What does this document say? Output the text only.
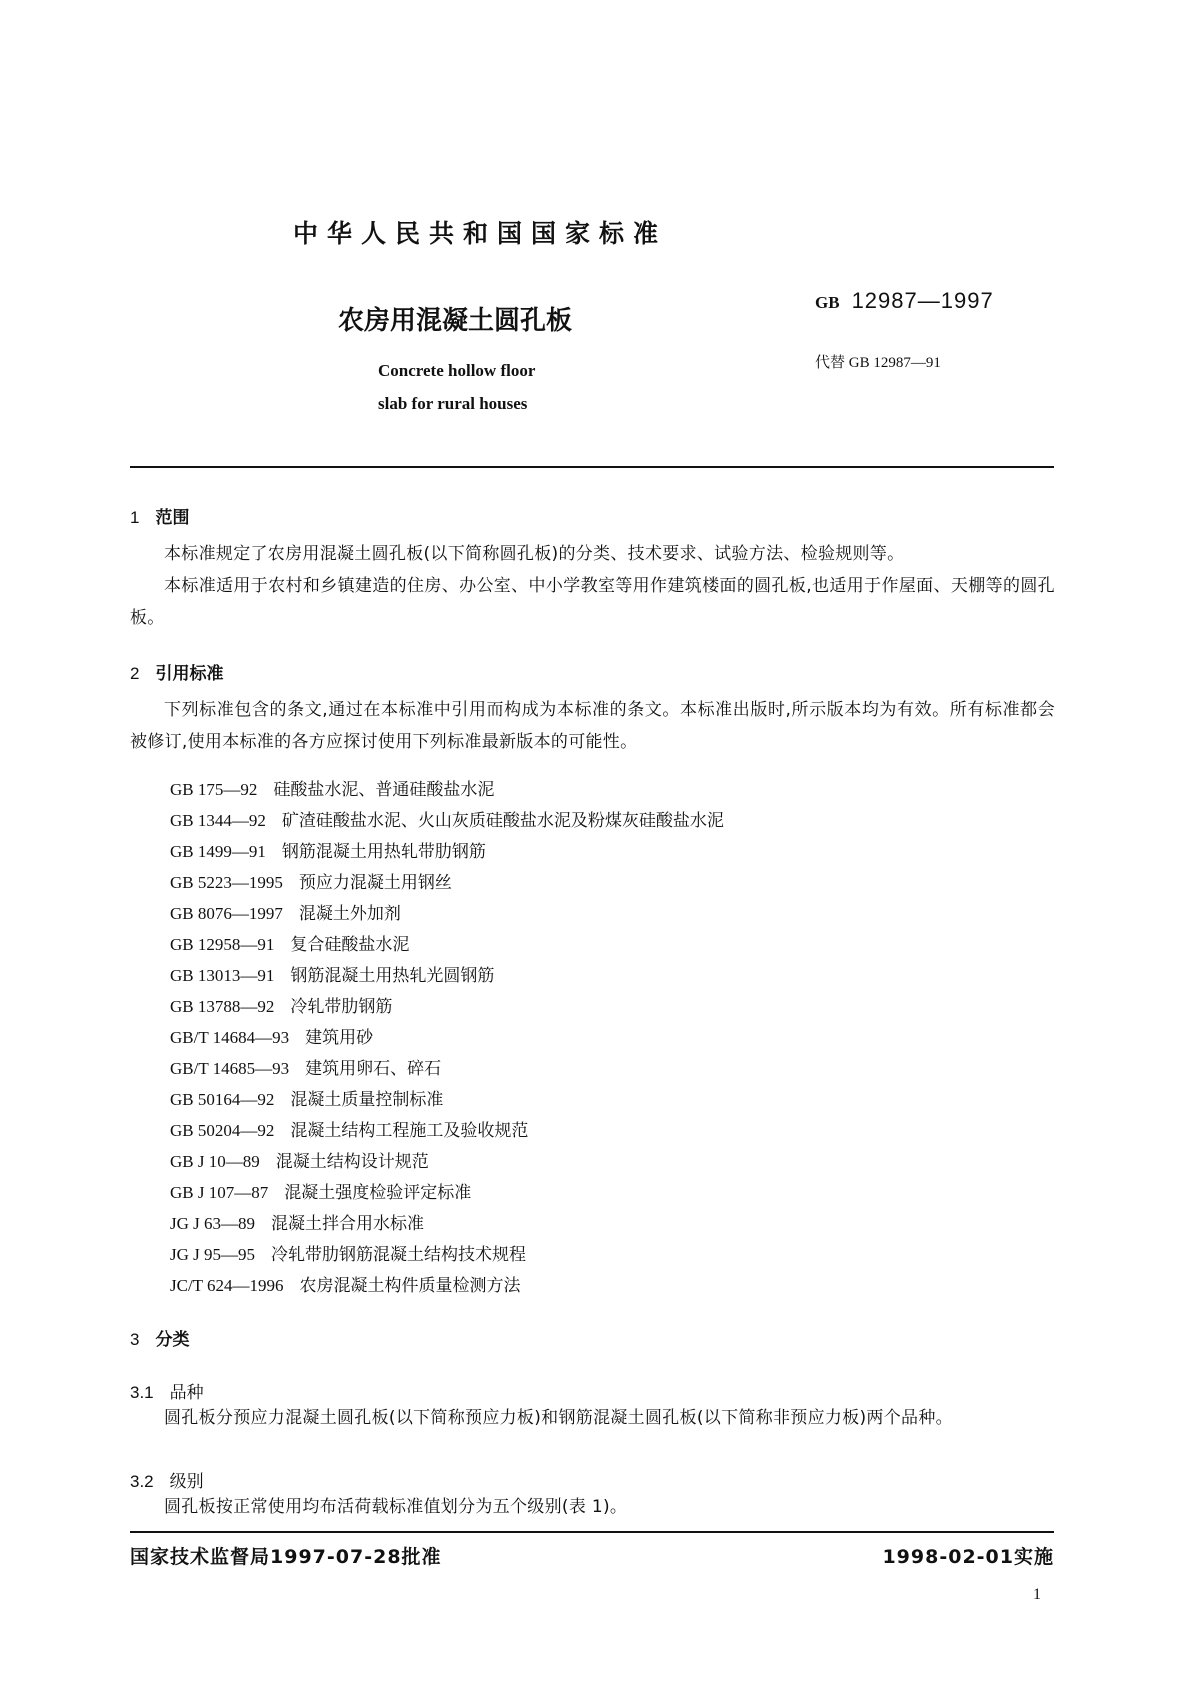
中华人民共和国国家标准
农房用混凝土圆孔板
Concrete hollow floor
slab for rural houses
GB 12987—1997
代替 GB 12987—91
1 范围
本标准规定了农房用混凝土圆孔板(以下简称圆孔板)的分类、技术要求、试验方法、检验规则等。
本标准适用于农村和乡镇建造的住房、办公室、中小学教室等用作建筑楼面的圆孔板,也适用于作屋面、天棚等的圆孔板。
2 引用标准
下列标准包含的条文,通过在本标准中引用而构成为本标准的条文。本标准出版时,所示版本均为有效。所有标准都会被修订,使用本标准的各方应探讨使用下列标准最新版本的可能性。
GB 175—92 硅酸盐水泥、普通硅酸盐水泥
GB 1344—92 矿渣硅酸盐水泥、火山灰质硅酸盐水泥及粉煤灰硅酸盐水泥
GB 1499—91 钢筋混凝土用热轧带肋钢筋
GB 5223—1995 预应力混凝土用钢丝
GB 8076—1997 混凝土外加剂
GB 12958—91 复合硅酸盐水泥
GB 13013—91 钢筋混凝土用热轧光圆钢筋
GB 13788—92 冷轧带肋钢筋
GB/T 14684—93 建筑用砂
GB/T 14685—93 建筑用卵石、碎石
GB 50164—92 混凝土质量控制标准
GB 50204—92 混凝土结构工程施工及验收规范
GB J 10—89 混凝土结构设计规范
GB J 107—87 混凝土强度检验评定标准
JG J 63—89 混凝土拌合用水标准
JG J 95—95 冷轧带肋钢筋混凝土结构技术规程
JC/T 624—1996 农房混凝土构件质量检测方法
3 分类
3.1 品种
圆孔板分预应力混凝土圆孔板(以下简称预应力板)和钢筋混凝土圆孔板(以下简称非预应力板)两个品种。
3.2 级别
圆孔板按正常使用均布活荷载标准值划分为五个级别(表 1)。
国家技术监督局1997-07-28批准	1998-02-01实施
1
